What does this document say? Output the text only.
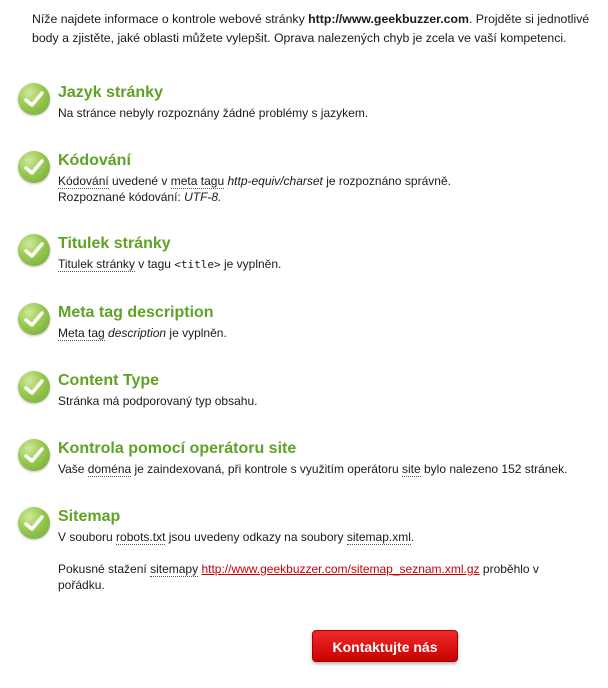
Níže najdete informace o kontrole webové stránky http://www.geekbuzzer.com. Projděte si jednotlivé body a zjistěte, jaké oblasti můžete vylepšit. Oprava nalezených chyb je zcela ve vaší kompetenci.
Jazyk stránky
Na stránce nebyly rozpoznány žádné problémy s jazykem.
Kódování
Kódování uvedené v meta tagu http-equiv/charset je rozpoznáno správně.
Rozpoznané kódování: UTF-8.
Titulek stránky
Titulek stránky v tagu <title> je vyplněn.
Meta tag description
Meta tag description je vyplněn.
Content Type
Stránka má podporovaný typ obsahu.
Kontrola pomocí operátoru site
Vaše doména je zaindexovaná, při kontrole s využitím operátoru site bylo nalezeno 152 stránek.
Sitemap
V souboru robots.txt jsou uvedeny odkazy na soubory sitemap.xml.
Pokusné stažení sitemapy http://www.geekbuzzer.com/sitemap_seznam.xml.gz proběhlo v pořádku.
Kontaktujte nás
